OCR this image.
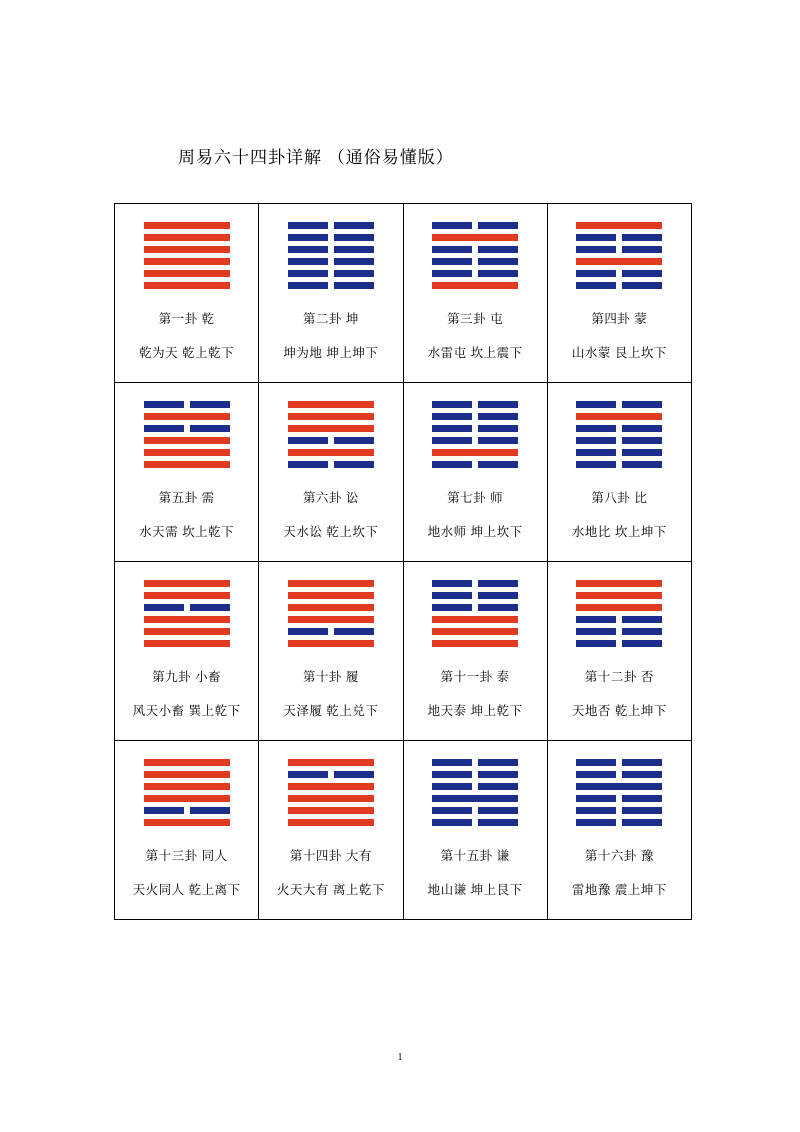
周易六十四卦详解 （通俗易懂版）
第一卦 乾
乾为天 乾上乾下

第二卦 坤
坤为地 坤上坤下

第三卦 屯
水雷屯 坎上震下

第四卦 蒙
山水蒙 艮上坎下

第五卦 需
水天需 坎上乾下

第六卦 讼
天水讼 乾上坎下

第七卦 师
地水师 坤上坎下

第八卦 比
水地比 坎上坤下

第九卦 小畜
风天小畜 巽上乾下

第十卦 履
天泽履 乾上兑下

第十一卦 泰
地天泰 坤上乾下

第十二卦 否
天地否 乾上坤下

第十三卦 同人
天火同人 乾上离下

第十四卦 大有
火天大有 离上乾下

第十五卦 谦
地山谦 坤上艮下

第十六卦 豫
雷地豫 震上坤下
1
